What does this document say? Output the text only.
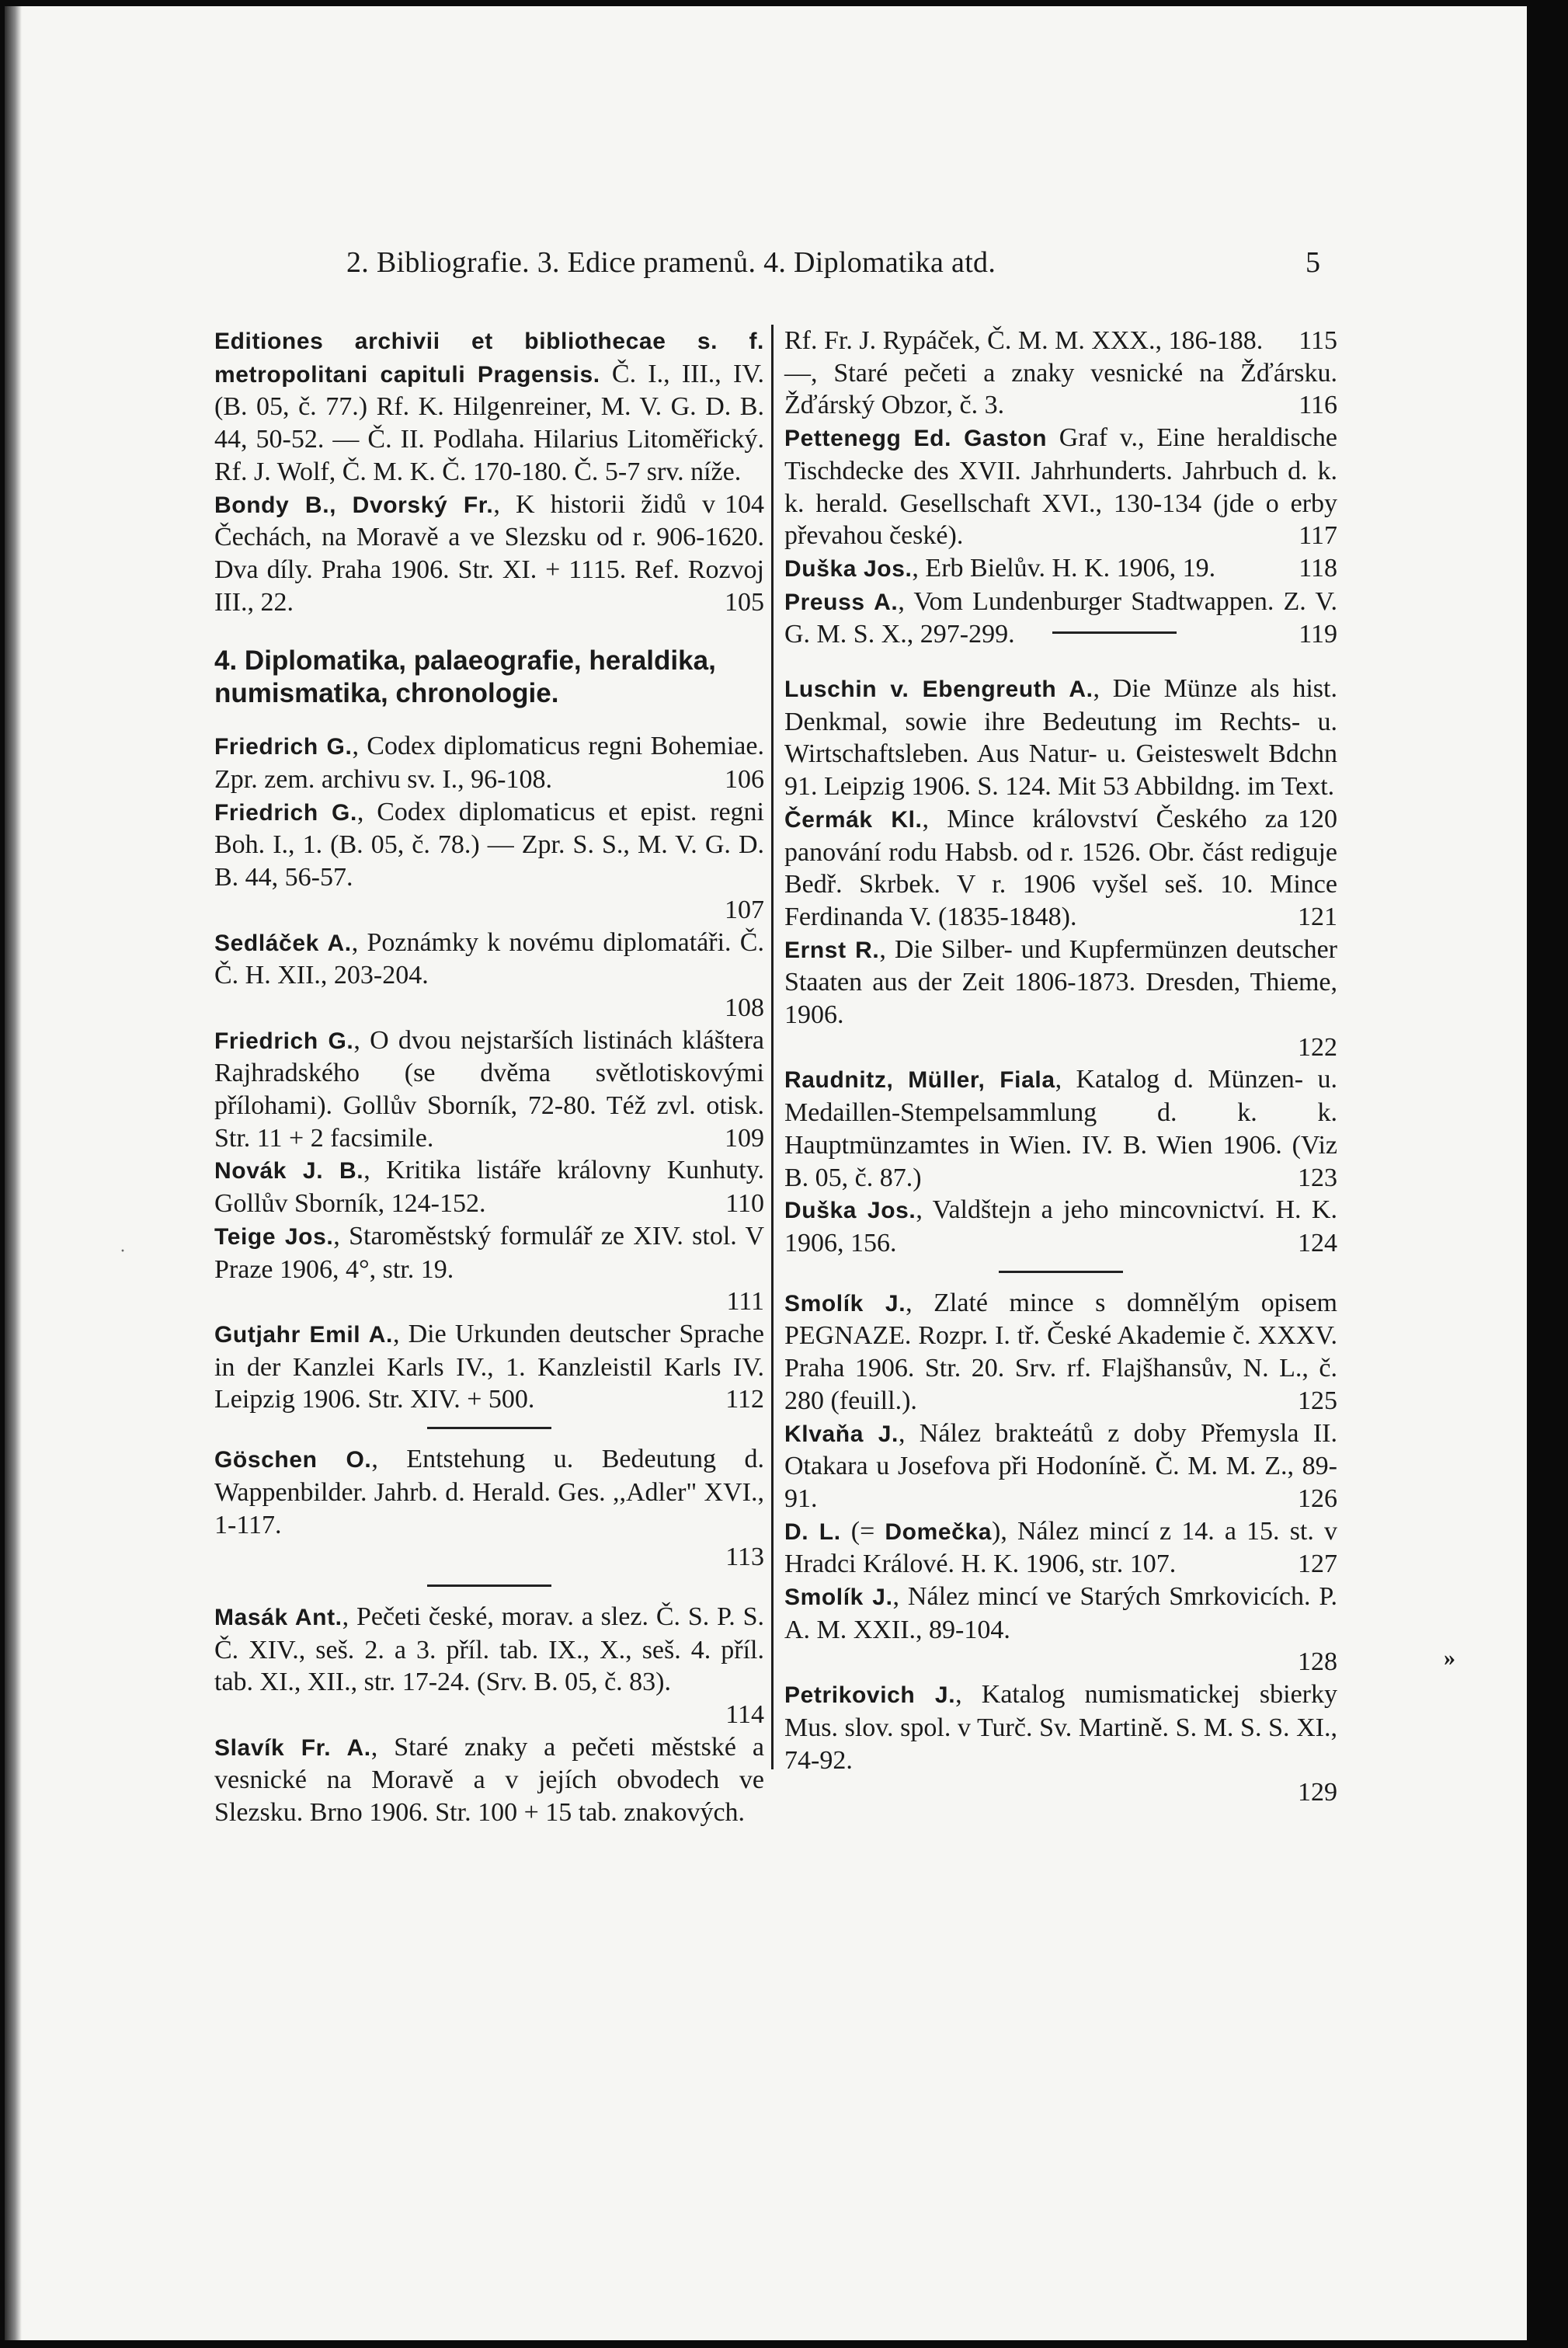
2. Bibliografie. 3. Edice pramenů. 4. Diplomatika atd.	5
·

Editiones archivii et bibliothecae s. f. metropolitani capituli Pragensis. Č. I., III., IV. (B. 05, č. 77.) Rf. K. Hilgenreiner, M. V. G. D. B. 44, 50-52. — Č. II. Podlaha. Hilarius Litoměřický. Rf. J. Wolf, Č. M. K. Č. 170-180. Č. 5-7 srv. níže.
104

Bondy B., Dvorský Fr., K historii židů v Čechách, na Moravě a ve Slezsku od r. 906-1620. Dva díly. Praha 1906. Str. XI. + 1115. Ref. Rozvoj III., 22.	105

4. Diplomatika, palaeografie, heraldika, numismatika, chronologie.

Friedrich G., Codex diplomaticus regni Bohemiae. Zpr. zem. archivu sv. I., 96-108.	106

Friedrich G., Codex diplomaticus et epist. regni Boh. I., 1. (B. 05, č. 78.) — Zpr. S. S., M. V. G. D. B. 44, 56-57.
107

Sedláček A., Poznámky k novému diplomatáři. Č. Č. H. XII., 203-204.
108

Friedrich G., O dvou nejstarších listinách kláštera Rajhradského (se dvěma světlotiskovými přílohami). Gollův Sborník, 72-80. Též zvl. otisk. Str. 11 + 2 facsimile.	109

Novák J. B., Kritika listáře královny Kunhuty. Gollův Sborník, 124-152.	110

Teige Jos., Staroměstský formulář ze XIV. stol. V Praze 1906, 4°, str. 19.
111

Gutjahr Emil A., Die Urkunden deutscher Sprache in der Kanzlei Karls IV., 1. Kanzleistil Karls IV. Leipzig 1906. Str. XIV. + 500.	112

Göschen O., Entstehung u. Bedeutung d. Wappenbilder. Jahrb. d. Herald. Ges. ,,Adler" XVI., 1-117.
113

Masák Ant., Pečeti české, morav. a slez. Č. S. P. S. Č. XIV., seš. 2. a 3. příl. tab. IX., X., seš. 4. příl. tab. XI., XII., str. 17-24. (Srv. B. 05, č. 83).
114

Slavík Fr. A., Staré znaky a pečeti městské a vesnické na Moravě a v jejích obvodech ve Slezsku. Brno 1906. Str. 100 + 15 tab. znakových.

Rf. Fr. J. Rypáček, Č. M. M. XXX., 186-188. 115

—, Staré pečeti a znaky vesnické na Žďársku. Žďárský Obzor, č. 3.	116

Pettenegg Ed. Gaston Graf v., Eine heraldische Tischdecke des XVII. Jahrhunderts. Jahrbuch d. k. k. herald. Gesellschaft XVI., 130-134 (jde o erby převahou české).	117

Duška Jos., Erb Bielův. H. K. 1906, 19.	118

Preuss A., Vom Lundenburger Stadtwappen. Z. V. G. M. S. X., 297-299.	119

Luschin v. Ebengreuth A., Die Münze als hist. Denkmal, sowie ihre Bedeutung im Rechts- u. Wirtschaftsleben. Aus Natur- u. Geisteswelt Bdchn 91. Leipzig 1906. S. 124. Mit 53 Abbildng. im Text.
120

Čermák Kl., Mince království Českého za panování rodu Habsb. od r. 1526. Obr. část rediguje Bedř. Skrbek. V r. 1906 vyšel seš. 10. Mince Ferdinanda V. (1835-1848).	121

Ernst R., Die Silber- und Kupfermünzen deutscher Staaten aus der Zeit 1806-1873. Dresden, Thieme, 1906.
122

Raudnitz, Müller, Fiala, Katalog d. Münzen- u. Medaillen-Stempelsammlung d. k. k. Hauptmünzamtes in Wien. IV. B. Wien 1906. (Viz B. 05, č. 87.)	123

Duška Jos., Valdštejn a jeho mincovnictví. H. K. 1906, 156.	124

Smolík J., Zlaté mince s domnělým opisem PEGNAZE. Rozpr. I. tř. České Akademie č. XXXV. Praha 1906. Str. 20. Srv. rf. Flajšhansův, N. L., č. 280 (feuill.).	125

Klvaňa J., Nález brakteátů z doby Přemysla II. Otakara u Josefova při Hodoníně. Č. M. M. Z., 89-91.	126

D. L. (= Domečka), Nález mincí z 14. a 15. st. v Hradci Králové. H. K. 1906, str. 107.	127

Smolík J., Nález mincí ve Starých Smrkovicích. P. A. M. XXII., 89-104.
128

Petrikovich J., Katalog numismatickej sbierky Mus. slov. spol. v Turč. Sv. Martině. S. M. S. S. XI., 74-92.
129

»
